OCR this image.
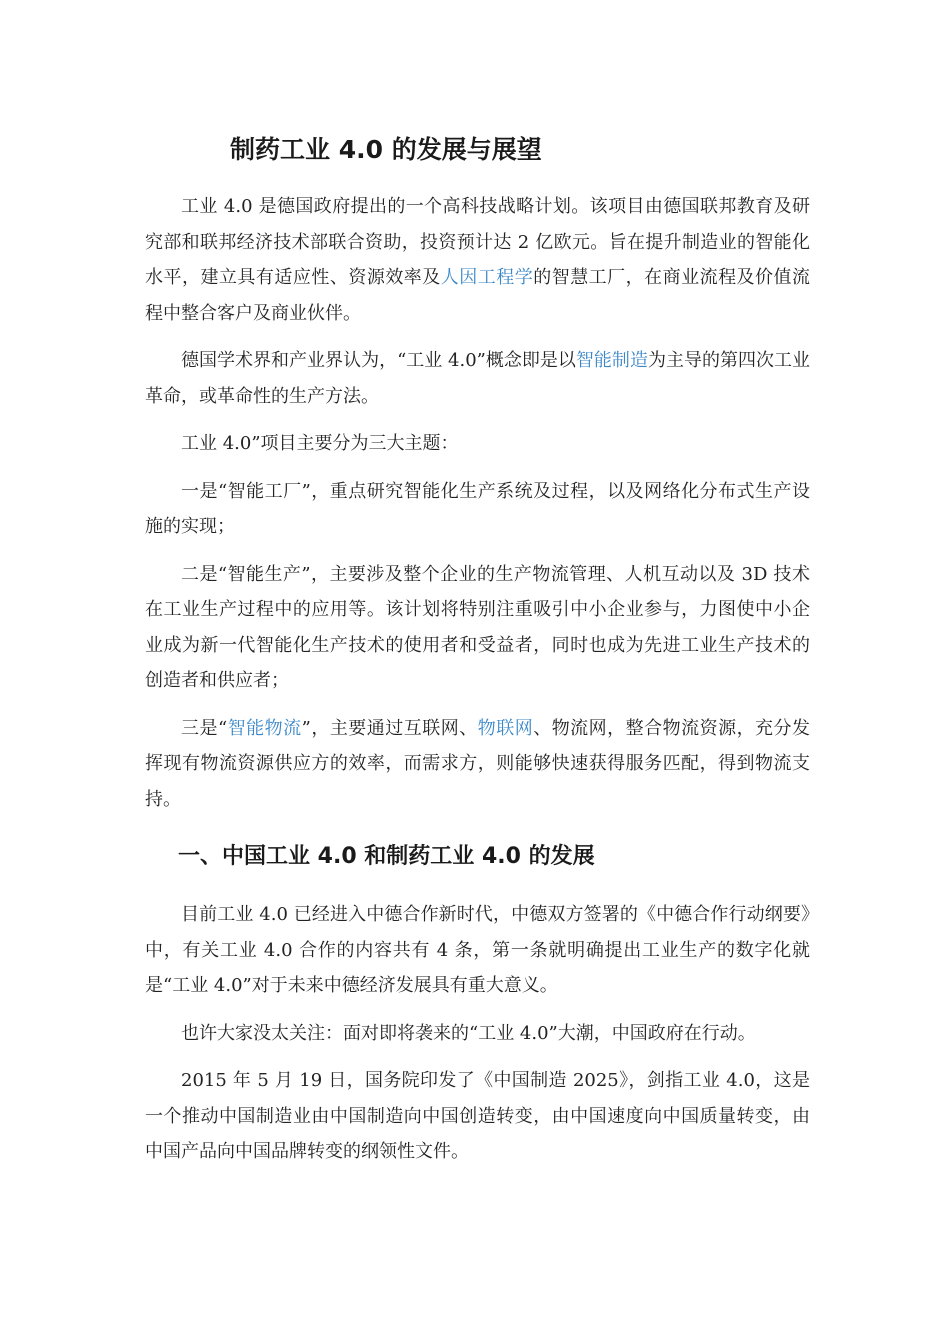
制药工业 4.0 的发展与展望

工业 4.0 是德国政府提出的一个高科技战略计划。该项目由德国联邦教育及研究部和联邦经济技术部联合资助，投资预计达 2 亿欧元。旨在提升制造业的智能化水平，建立具有适应性、资源效率及人因工程学的智慧工厂，在商业流程及价值流程中整合客户及商业伙伴。

德国学术界和产业界认为，“工业 4.0”概念即是以智能制造为主导的第四次工业革命，或革命性的生产方法。

工业 4.0”项目主要分为三大主题：

一是“智能工厂”，重点研究智能化生产系统及过程，以及网络化分布式生产设施的实现；

二是“智能生产”，主要涉及整个企业的生产物流管理、人机互动以及 3D 技术在工业生产过程中的应用等。该计划将特别注重吸引中小企业参与，力图使中小企业成为新一代智能化生产技术的使用者和受益者，同时也成为先进工业生产技术的创造者和供应者；

三是“智能物流”，主要通过互联网、物联网、物流网，整合物流资源，充分发挥现有物流资源供应方的效率，而需求方，则能够快速获得服务匹配，得到物流支持。

一、中国工业 4.0 和制药工业 4.0 的发展

目前工业 4.0 已经进入中德合作新时代，中德双方签署的《中德合作行动纲要》中，有关工业 4.0 合作的内容共有 4 条，第一条就明确提出工业生产的数字化就是“工业 4.0”对于未来中德经济发展具有重大意义。

也许大家没太关注：面对即将袭来的“工业 4.0”大潮，中国政府在行动。

2015 年 5 月 19 日，国务院印发了《中国制造 2025》，剑指工业 4.0，这是一个推动中国制造业由中国制造向中国创造转变，由中国速度向中国质量转变，由中国产品向中国品牌转变的纲领性文件。
